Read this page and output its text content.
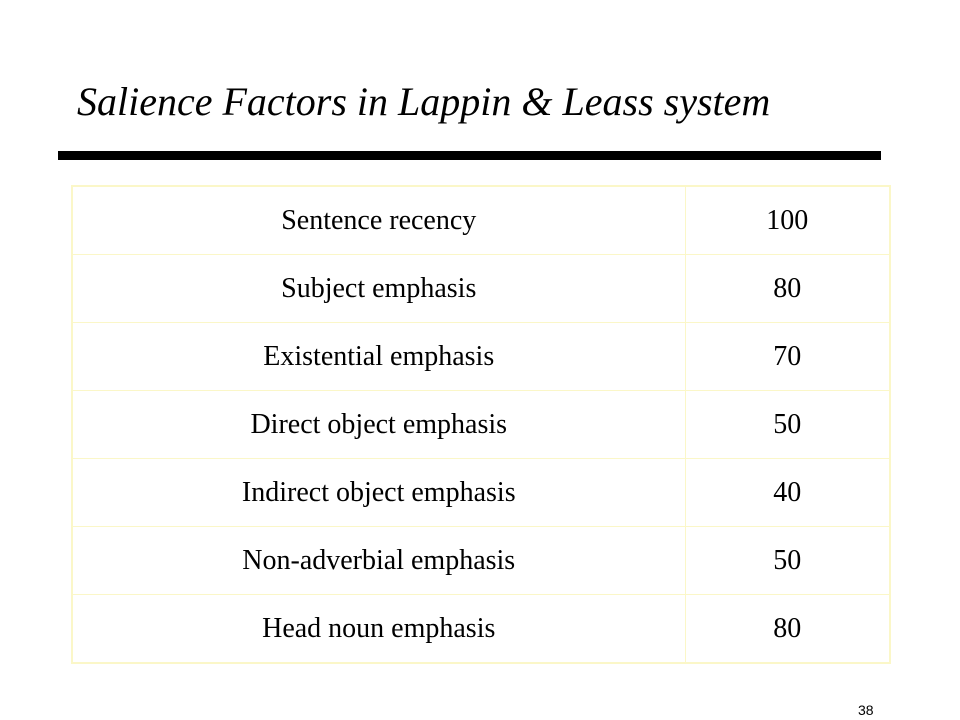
Salience Factors in Lappin & Leass system
Sentence recency	100
Subject emphasis	80
Existential emphasis	70
Direct object emphasis	50
Indirect object emphasis	40
Non-adverbial emphasis	50
Head noun emphasis	80
38
